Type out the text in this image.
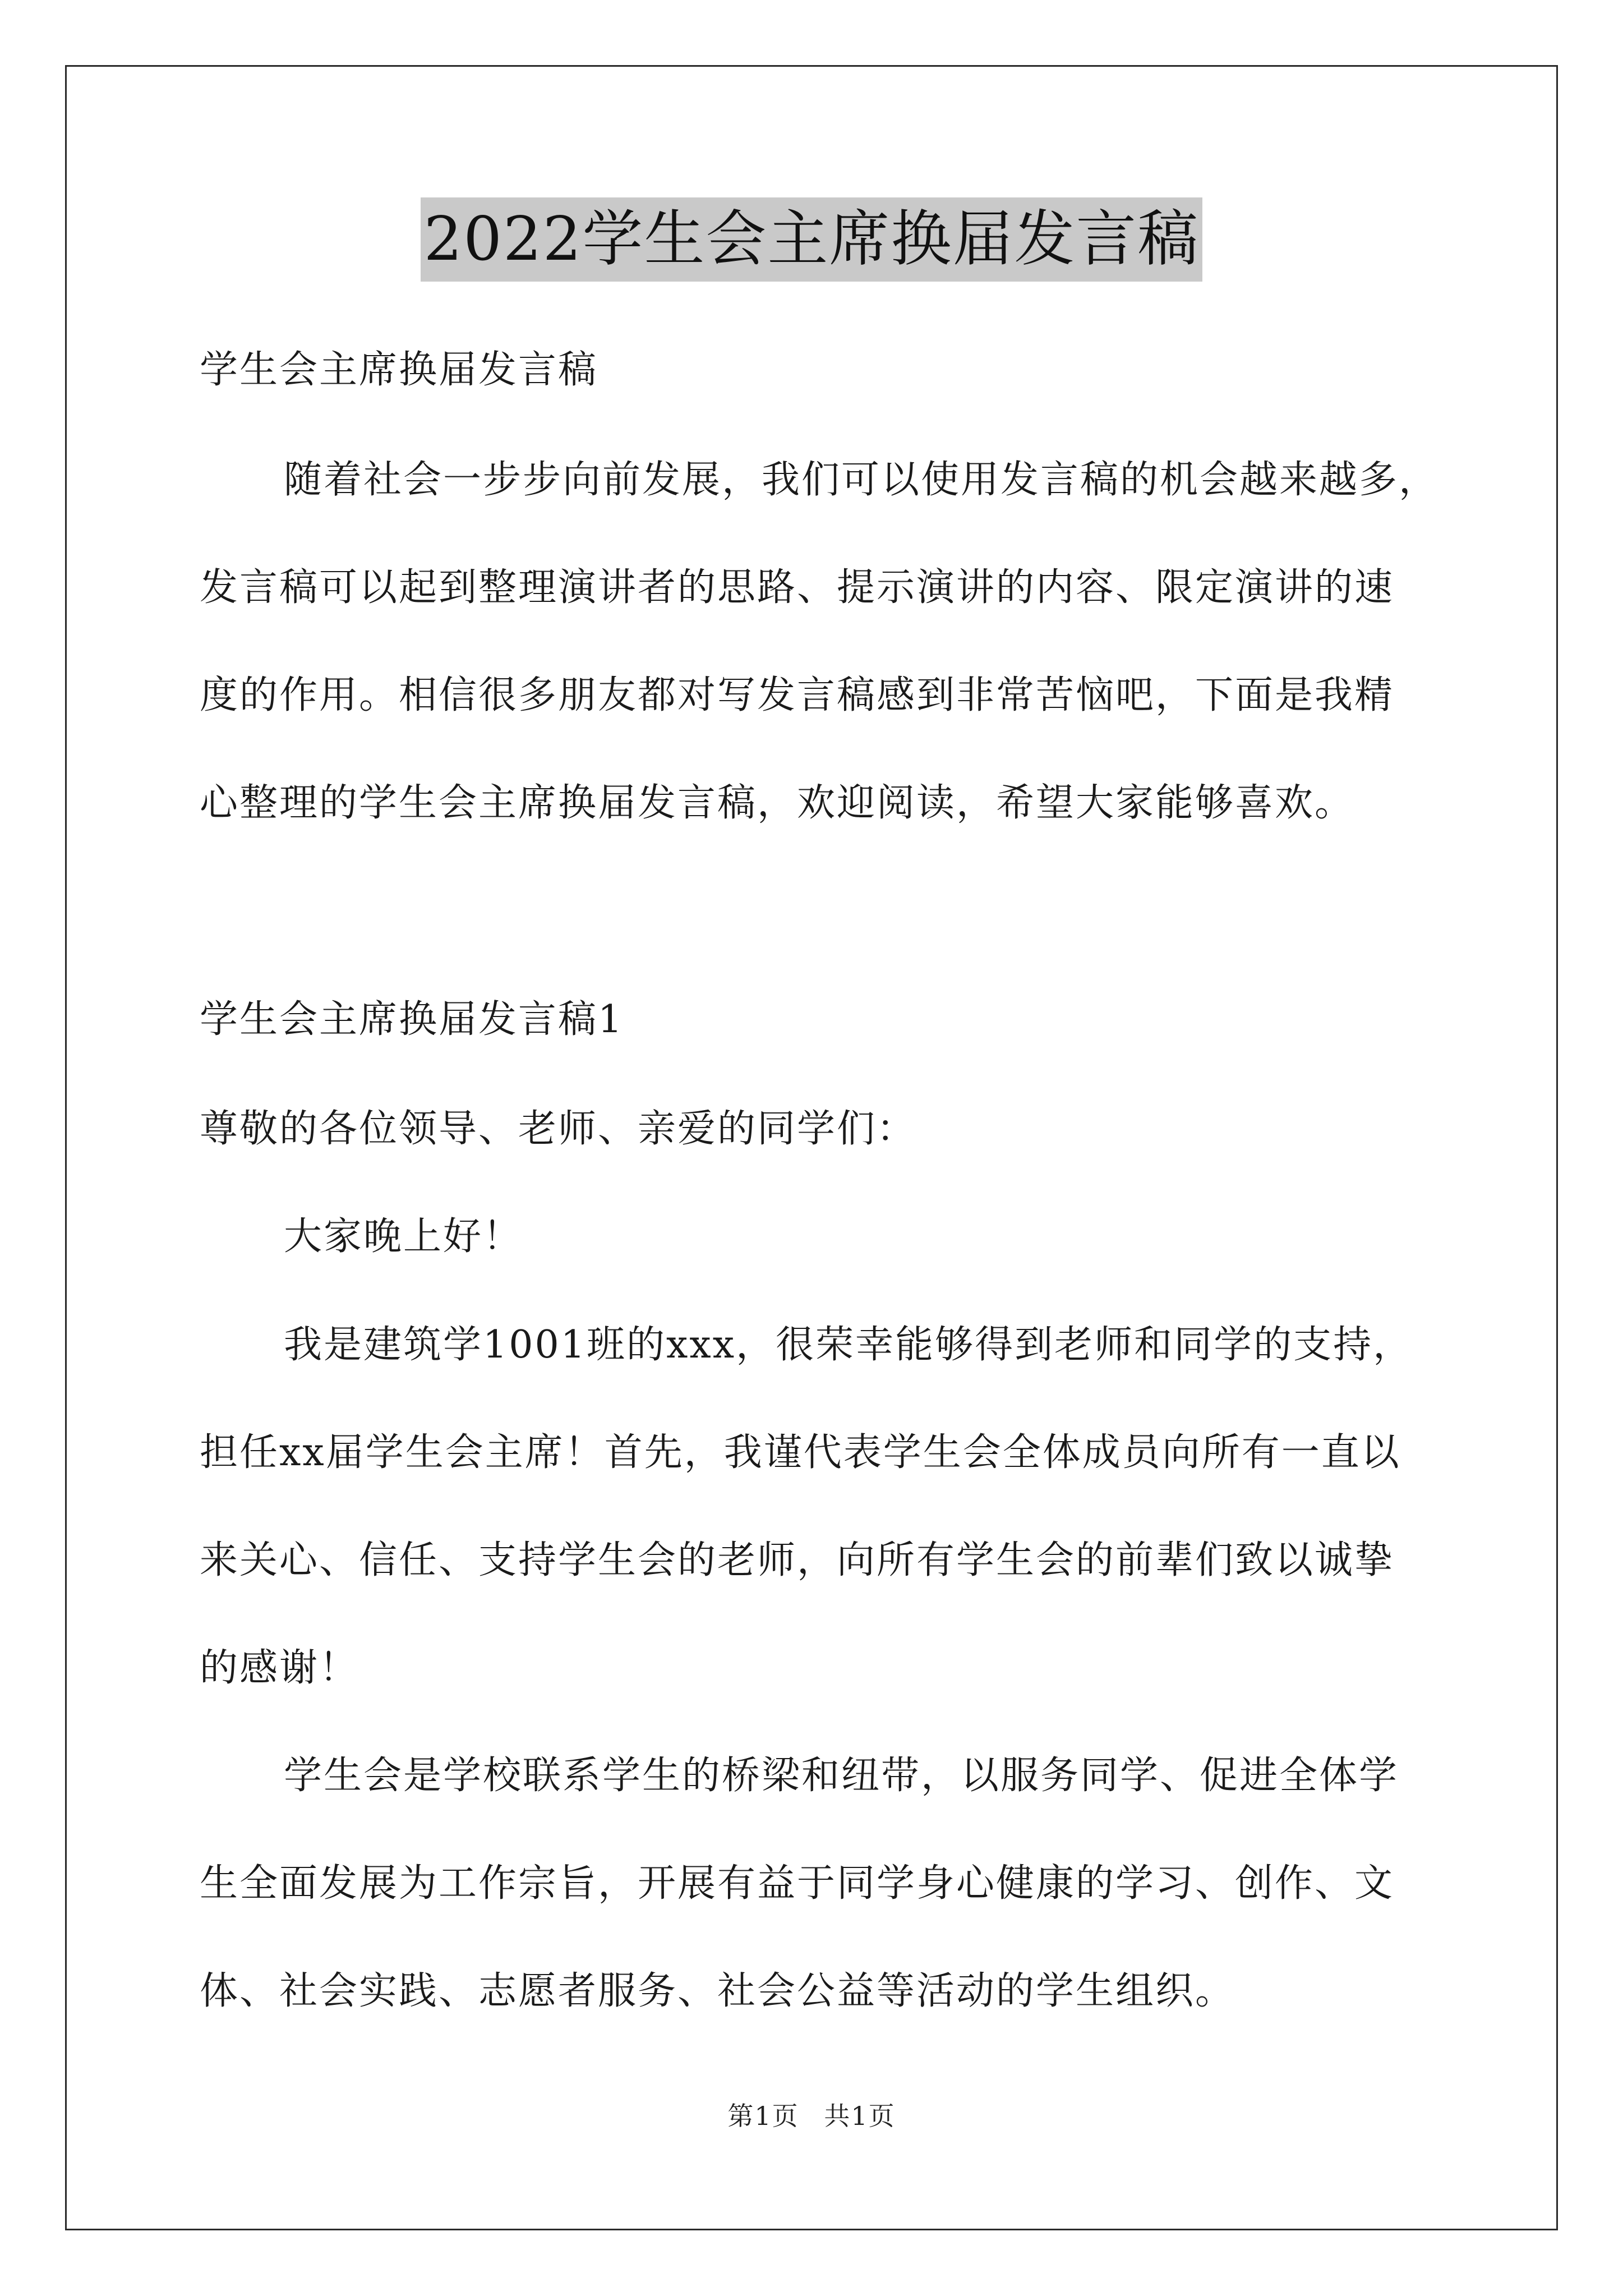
2022学生会主席换届发言稿
学生会主席换届发言稿
随着社会一步步向前发展，我们可以使用发言稿的机会越来越多，
发言稿可以起到整理演讲者的思路、提示演讲的内容、限定演讲的速
度的作用。相信很多朋友都对写发言稿感到非常苦恼吧，下面是我精
心整理的学生会主席换届发言稿，欢迎阅读，希望大家能够喜欢。
学生会主席换届发言稿1
尊敬的各位领导、老师、亲爱的同学们：
大家晚上好！
我是建筑学1001班的xxx，很荣幸能够得到老师和同学的支持，
担任xx届学生会主席！首先，我谨代表学生会全体成员向所有一直以
来关心、信任、支持学生会的老师，向所有学生会的前辈们致以诚挚
的感谢！
学生会是学校联系学生的桥梁和纽带，以服务同学、促进全体学
生全面发展为工作宗旨，开展有益于同学身心健康的学习、创作、文
体、社会实践、志愿者服务、社会公益等活动的学生组织。
第1页 共1页
